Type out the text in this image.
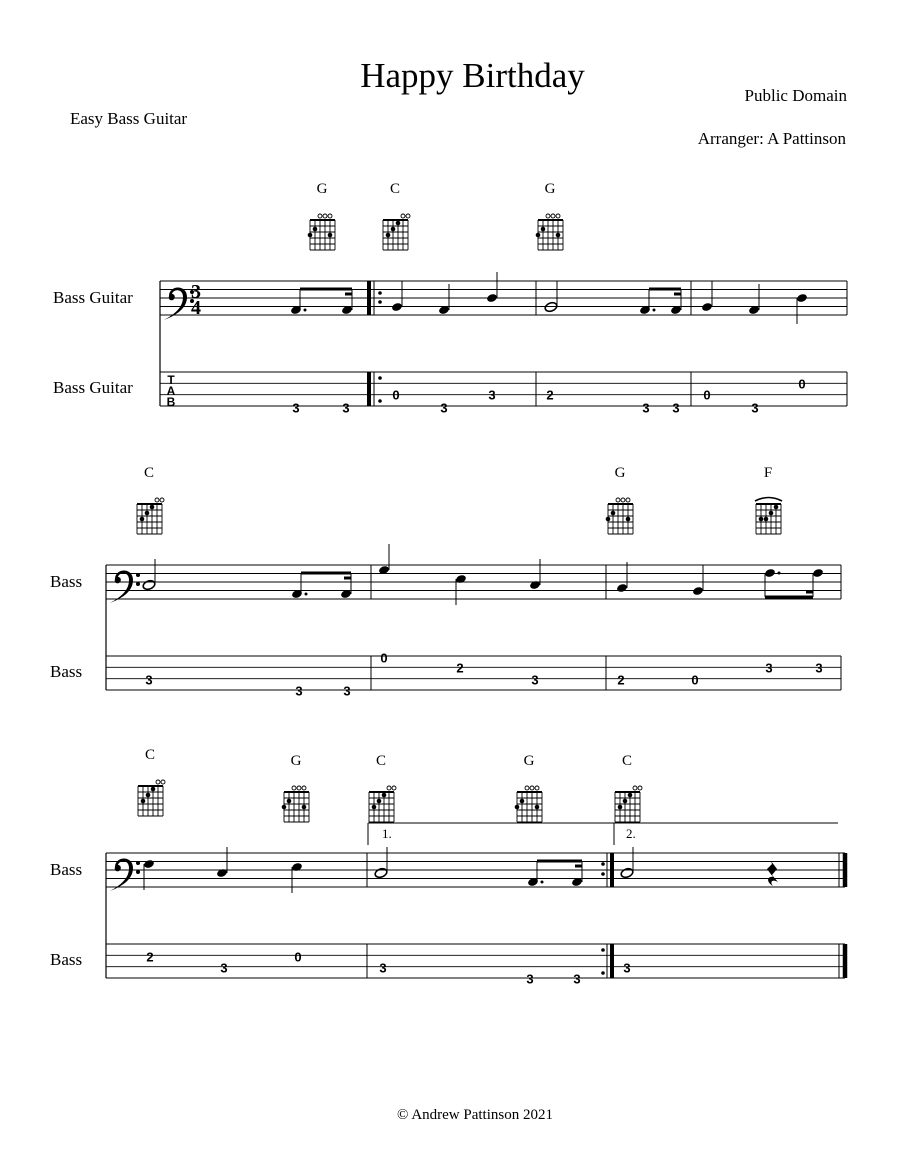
Happy Birthday
Easy Bass Guitar
Public Domain
Arranger: A Pattinson
Bass Guitar
Bass Guitar
Bass
Bass
Bass
Bass
© Andrew Pattinson 2021
3
4
T
A
B
1.	2.
G	C	G
C	G	F
C	G	C	G	C
3	3
0
3
3	2
3 3
0
3
0
3
3	3
0
2
3	2	0
3	3
2
3
0
3
3	3
3
